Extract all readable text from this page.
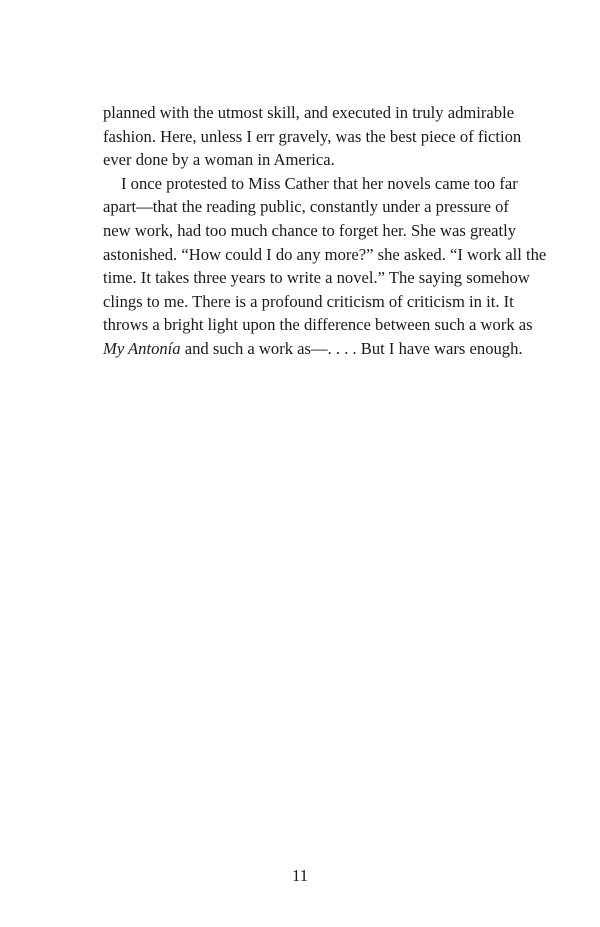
planned with the utmost skill, and executed in truly admirable
fashion. Here, unless I err gravely, was the best piece of fiction
ever done by a woman in America.

I once protested to Miss Cather that her novels came too far
apart—that the reading public, constantly under a pressure of
new work, had too much chance to forget her. She was greatly
astonished. “How could I do any more?” she asked. “I work all the
time. It takes three years to write a novel.” The saying somehow
clings to me. There is a profound criticism of criticism in it. It
throws a bright light upon the difference between such a work as
My Antonía and such a work as—. . . . But I have wars enough.

11
